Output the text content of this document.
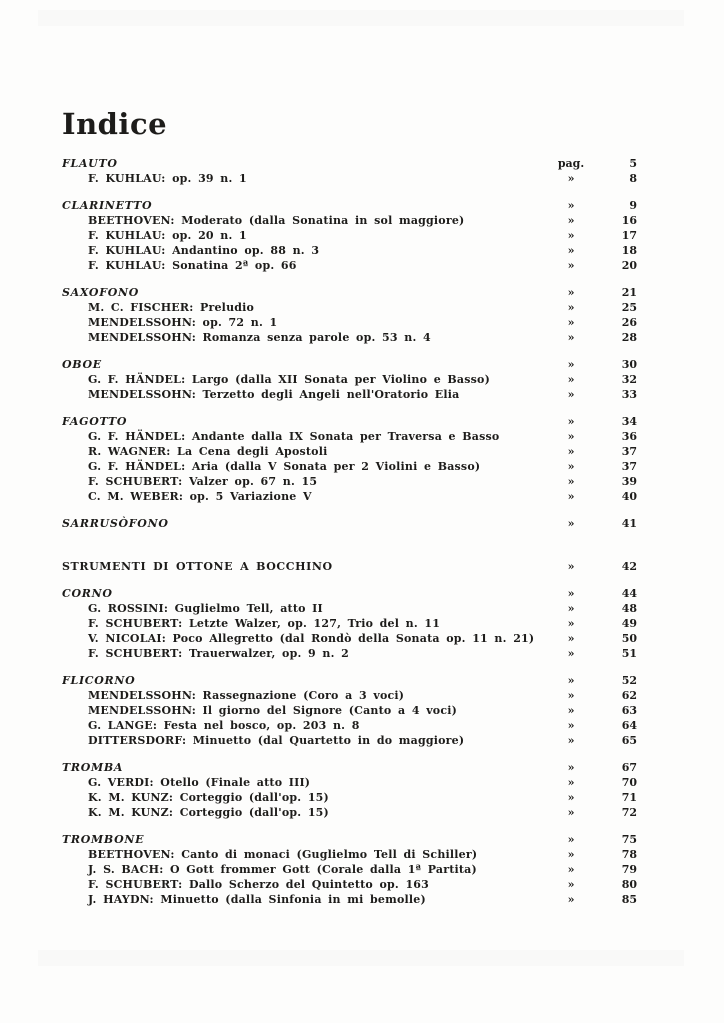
Indice
FLAUTO	pag.	5
F. KUHLAU: op. 39 n. 1	»	8
CLARINETTO	»	9
BEETHOVEN: Moderato (dalla Sonatina in sol maggiore)	»	16
F. KUHLAU: op. 20 n. 1	»	17
F. KUHLAU: Andantino op. 88 n. 3	»	18
F. KUHLAU: Sonatina 2ª op. 66	»	20
SAXOFONO	»	21
M. C. FISCHER: Preludio	»	25
MENDELSSOHN: op. 72 n. 1	»	26
MENDELSSOHN: Romanza senza parole op. 53 n. 4	»	28
OBOE	»	30
G. F. HÄNDEL: Largo (dalla XII Sonata per Violino e Basso)	»	32
MENDELSSOHN: Terzetto degli Angeli nell'Oratorio Elia	»	33
FAGOTTO	»	34
G. F. HÄNDEL: Andante dalla IX Sonata per Traversa e Basso	»	36
R. WAGNER: La Cena degli Apostoli	»	37
G. F. HÄNDEL: Aria (dalla V Sonata per 2 Violini e Basso)	»	37
F. SCHUBERT: Valzer op. 67 n. 15	»	39
C. M. WEBER: op. 5 Variazione V	»	40
SARRUSÒFONO	»	41
STRUMENTI DI OTTONE A BOCCHINO	»	42
CORNO	»	44
G. ROSSINI: Guglielmo Tell, atto II	»	48
F. SCHUBERT: Letzte Walzer, op. 127, Trio del n. 11	»	49
V. NICOLAI: Poco Allegretto (dal Rondò della Sonata op. 11 n. 21)	»	50
F. SCHUBERT: Trauerwalzer, op. 9 n. 2	»	51
FLICORNO	»	52
MENDELSSOHN: Rassegnazione (Coro a 3 voci)	»	62
MENDELSSOHN: Il giorno del Signore (Canto a 4 voci)	»	63
G. LANGE: Festa nel bosco, op. 203 n. 8	»	64
DITTERSDORF: Minuetto (dal Quartetto in do maggiore)	»	65
TROMBA	»	67
G. VERDI: Otello (Finale atto III)	»	70
K. M. KUNZ: Corteggio (dall'op. 15)	»	71
K. M. KUNZ: Corteggio (dall'op. 15)	»	72
TROMBONE	»	75
BEETHOVEN: Canto di monaci (Guglielmo Tell di Schiller)	»	78
J. S. BACH: O Gott frommer Gott (Corale dalla 1ª Partita)	»	79
F. SCHUBERT: Dallo Scherzo del Quintetto op. 163	»	80
J. HAYDN: Minuetto (dalla Sinfonia in mi bemolle)	»	85
